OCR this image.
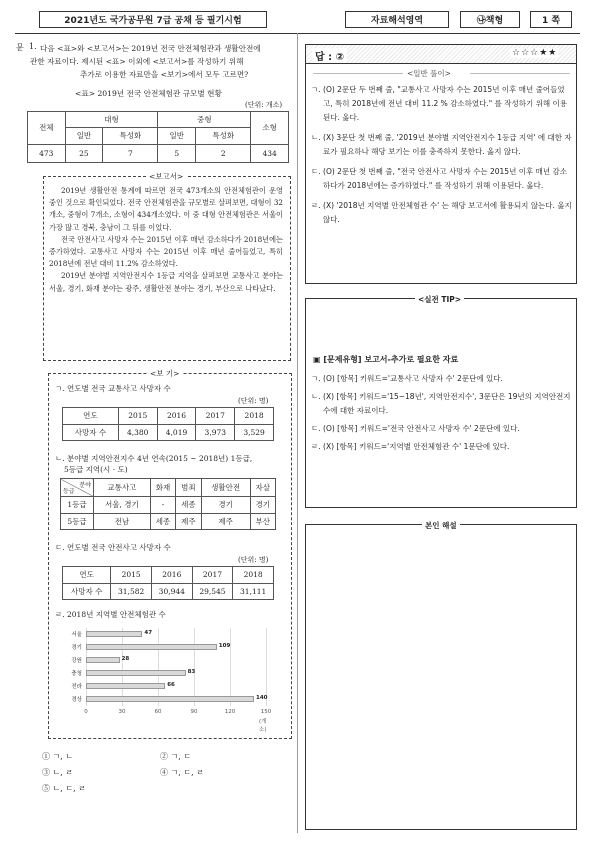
2021년도 국가공무원 7급 공채 등 필기시험	자료해석영역	㉯책형	1 쪽
문 1. 다음 <표>와 <보고서>는 2019년 전국 안전체험관과 생활안전에
관한 자료이다. 제시된 <표> 이외에 <보고서>를 작성하기 위해
추가로 이용한 자료만을 <보기>에서 모두 고르면?
<표> 2019년 전국 안전체험관 규모별 현황
(단위: 개소)
전체	대형		중형		소형
	일반	특성화	일반	특성화	
473	25	7	5	2	434
<보고서>

2019년 생활안전 통계에 따르면 전국 473개소의 안전체험관이 운영 중인 것으로 확인되었다. 전국 안전체험관을 규모별로 살펴보면, 대형이 32개소, 중형이 7개소, 소형이 434개소였다. 이 중 대형 안전체험관은 서울이 가장 많고 경북, 충남이 그 뒤를 이었다.

전국 안전사고 사망자 수는 2015년 이후 매년 감소하다가 2018년에는 증가하였다. 교통사고 사망자 수는 2015년 이후 매년 줄어들었고, 특히 2018년에 전년 대비 11.2% 감소하였다.

2019년 분야별 지역안전지수 1등급 지역을 살펴보면 교통사고 분야는 서울, 경기, 화재 분야는 광주, 생활안전 분야는 경기, 부산으로 나타났다.

<보 기>
ㄱ. 연도별 전국 교통사고 사망자 수
(단위: 명)
연도	2015	2016	2017	2018
사망자 수	4,380	4,019	3,973	3,529
ㄴ. 분야별 지역안전지수 4년 연속(2015 ~ 2018년) 1등급,
5등급 지역(시 · 도)
분야
등급	교통사고	화재	범죄	생활안전	자살
1등급	서울, 경기	-	세종	경기	경기
5등급	전남	세종	제주	제주	부산
ㄷ. 연도별 전국 안전사고 사망자 수
(단위: 명)
연도	2015	2016	2017	2018
사망자 수	31,582	30,944	29,545	31,111
ㄹ. 2018년 지역별 안전체험관 수
0	30	60	90	120	150
서울	47
경기	109
강원	28
충청	83
전라	66
경상	140
(개소)
① ㄱ, ㄴ	② ㄱ, ㄷ
③ ㄴ, ㄹ	④ ㄱ, ㄷ, ㄹ
⑤ ㄴ, ㄷ, ㄹ
답 : ②	☆☆☆★★
<일반 풀이>
ㄱ. (O) 2문단 두 번째 줄, "교통사고 사망자 수는 2015년 이후 매년 줄어들었고, 특히 2018년에 전년 대비 11.2 % 감소하였다." 를 작성하기 위해 이용된다. 옳다.
ㄴ. (X) 3문단 첫 번째 줄, '2019년 분야별 지역안전지수 1등급 지역' 에 대한 자료가 필요하나 해당 보기는 이를 충족하지 못한다. 옳지 않다.
ㄷ. (O) 2문단 첫 번째 줄, "전국 안전사고 사망자 수는 2015년 이후 매년 감소하다가 2018년에는 증가하였다." 를 작성하기 위해 이용된다. 옳다.
ㄹ. (X) '2018년 지역별 안전체험관 수' 는 해당 보고서에 활용되지 않는다. 옳지 않다.
<실전 TIP>
▣ [문제유형] 보고서-추가로 필요한 자료
ㄱ. (O) [항목] 키워드='교통사고 사망자 수' 2문단에 있다.
ㄴ. (X) [항목] 키워드='15~18년', 지역안전지수', 3문단은 19년의 지역안전지수에 대한 자료이다.
ㄷ. (O) [항목] 키워드='전국 안전사고 사망자 수' 2문단에 있다.
ㄹ. (X) [항목] 키워드='지역별 안전체험관 수' 1문단에 있다.
본인 해설
